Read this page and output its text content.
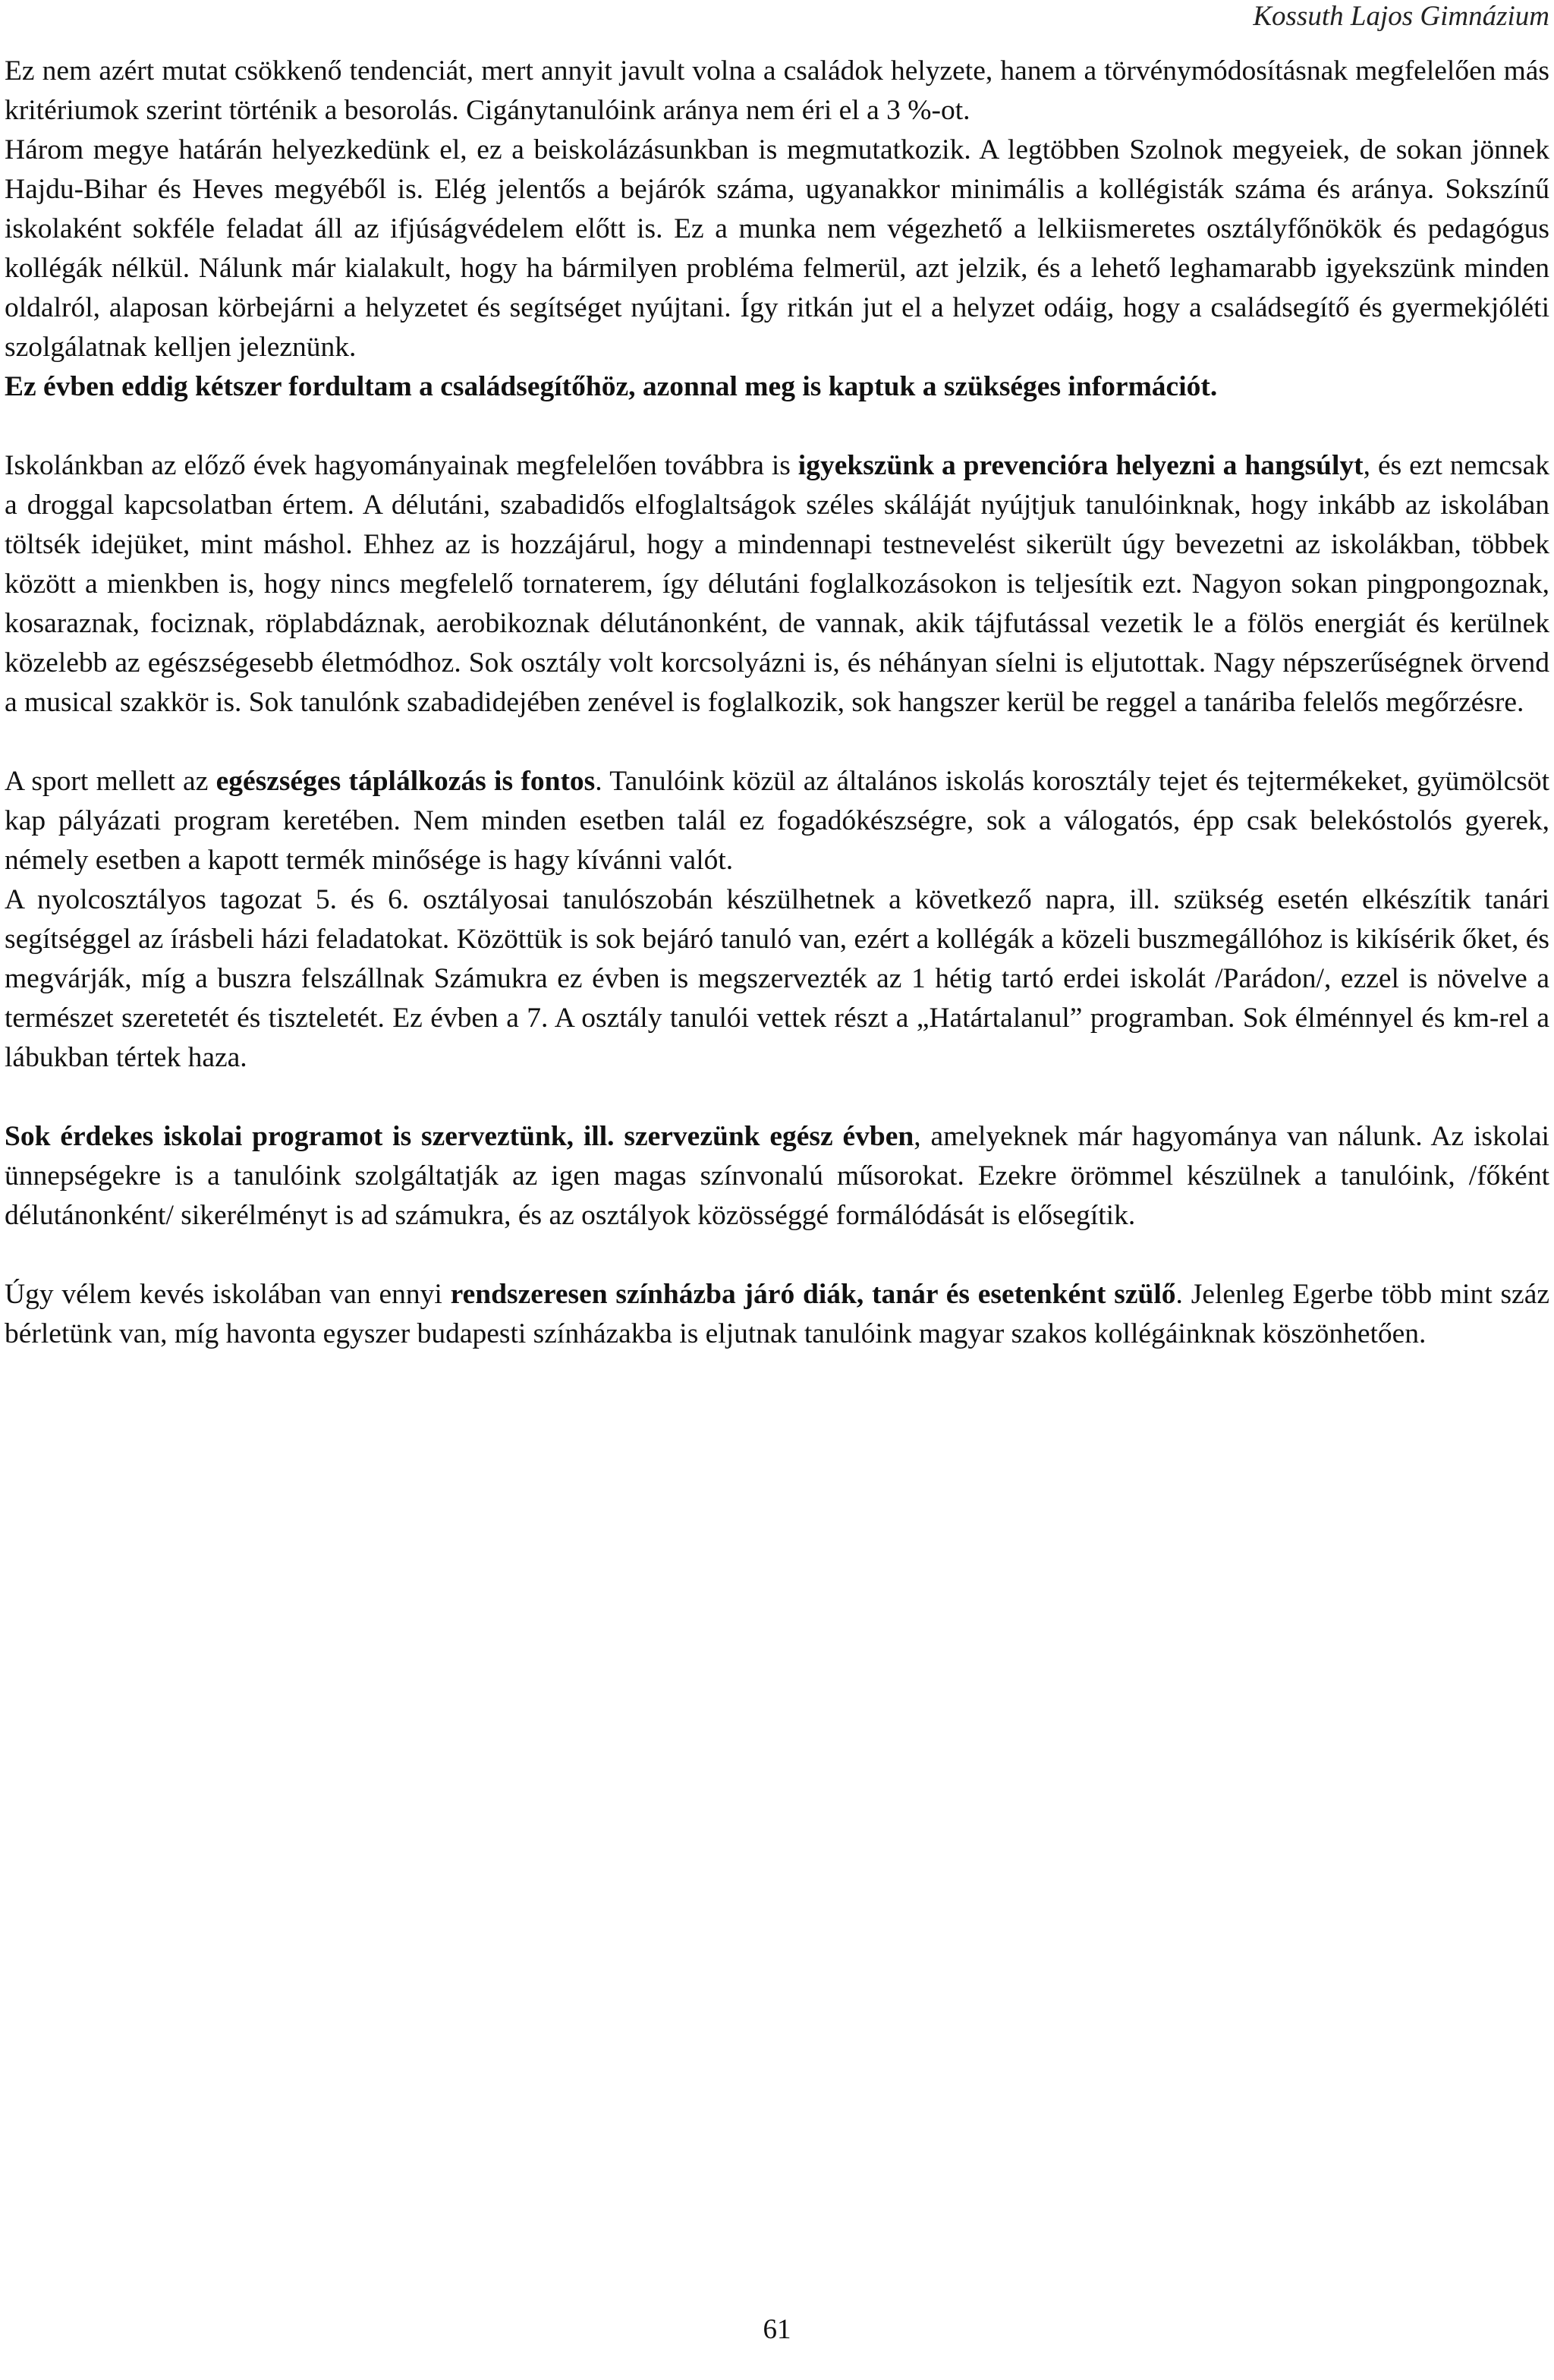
Kossuth Lajos Gimnázium

Ez nem azért mutat csökkenő tendenciát, mert annyit javult volna a családok helyzete, hanem a törvénymódosításnak megfelelően más kritériumok szerint történik a besorolás. Cigánytanulóink aránya nem éri el a 3 %-ot.

Három megye határán helyezkedünk el, ez a beiskolázásunkban is megmutatkozik. A legtöbben Szolnok megyeiek, de sokan jönnek Hajdu-Bihar és Heves megyéből is. Elég jelentős a bejárók száma, ugyanakkor minimális a kollégisták száma és aránya. Sokszínű iskolaként sokféle feladat áll az ifjúságvédelem előtt is. Ez a munka nem végezhető a lelkiismeretes osztályfőnökök és pedagógus kollégák nélkül. Nálunk már kialakult, hogy ha bármilyen probléma felmerül, azt jelzik, és a lehető leghamarabb igyekszünk minden oldalról, alaposan körbejárni a helyzetet és segítséget nyújtani. Így ritkán jut el a helyzet odáig, hogy a családsegítő és gyermekjóléti szolgálatnak kelljen jeleznünk.

Ez évben eddig kétszer fordultam a családsegítőhöz, azonnal meg is kaptuk a szükséges információt.

Iskolánkban az előző évek hagyományainak megfelelően továbbra is igyekszünk a prevencióra helyezni a hangsúlyt, és ezt nemcsak a droggal kapcsolatban értem. A délutáni, szabadidős elfoglaltságok széles skáláját nyújtjuk tanulóinknak, hogy inkább az iskolában töltsék idejüket, mint máshol. Ehhez az is hozzájárul, hogy a mindennapi testnevelést sikerült úgy bevezetni az iskolákban, többek között a mienkben is, hogy nincs megfelelő tornaterem, így délutáni foglalkozásokon is teljesítik ezt. Nagyon sokan pingpongoznak, kosaraznak, fociznak, röplabdáznak, aerobikoznak délutánonként, de vannak, akik tájfutással vezetik le a fölös energiát és kerülnek közelebb az egészségesebb életmódhoz. Sok osztály volt korcsolyázni is, és néhányan síelni is eljutottak. Nagy népszerűségnek örvend a musical szakkör is. Sok tanulónk szabadidejében zenével is foglalkozik, sok hangszer kerül be reggel a tanáriba felelős megőrzésre.

A sport mellett az egészséges táplálkozás is fontos. Tanulóink közül az általános iskolás korosztály tejet és tejtermékeket, gyümölcsöt kap pályázati program keretében. Nem minden esetben talál ez fogadókészségre, sok a válogatós, épp csak belekóstolós gyerek, némely esetben a kapott termék minősége is hagy kívánni valót.

A nyolcosztályos tagozat 5. és 6. osztályosai tanulószobán készülhetnek a következő napra, ill. szükség esetén elkészítik tanári segítséggel az írásbeli házi feladatokat. Közöttük is sok bejáró tanuló van, ezért a kollégák a közeli buszmegállóhoz is kikísérik őket, és megvárják, míg a buszra felszállnak Számukra ez évben is megszervezték az 1 hétig tartó erdei iskolát /Parádon/, ezzel is növelve a természet szeretetét és tiszteletét. Ez évben a 7. A osztály tanulói vettek részt a „Határtalanul” programban. Sok élménnyel és km-rel a lábukban tértek haza.

Sok érdekes iskolai programot is szerveztünk, ill. szervezünk egész évben, amelyeknek már hagyománya van nálunk. Az iskolai ünnepségekre is a tanulóink szolgáltatják az igen magas színvonalú műsorokat. Ezekre örömmel készülnek a tanulóink, /főként délutánonként/ sikerélményt is ad számukra, és az osztályok közösséggé formálódását is elősegítik.

Úgy vélem kevés iskolában van ennyi rendszeresen színházba járó diák, tanár és esetenként szülő. Jelenleg Egerbe több mint száz bérletünk van, míg havonta egyszer budapesti színházakba is eljutnak tanulóink magyar szakos kollégáinknak köszönhetően.

61
